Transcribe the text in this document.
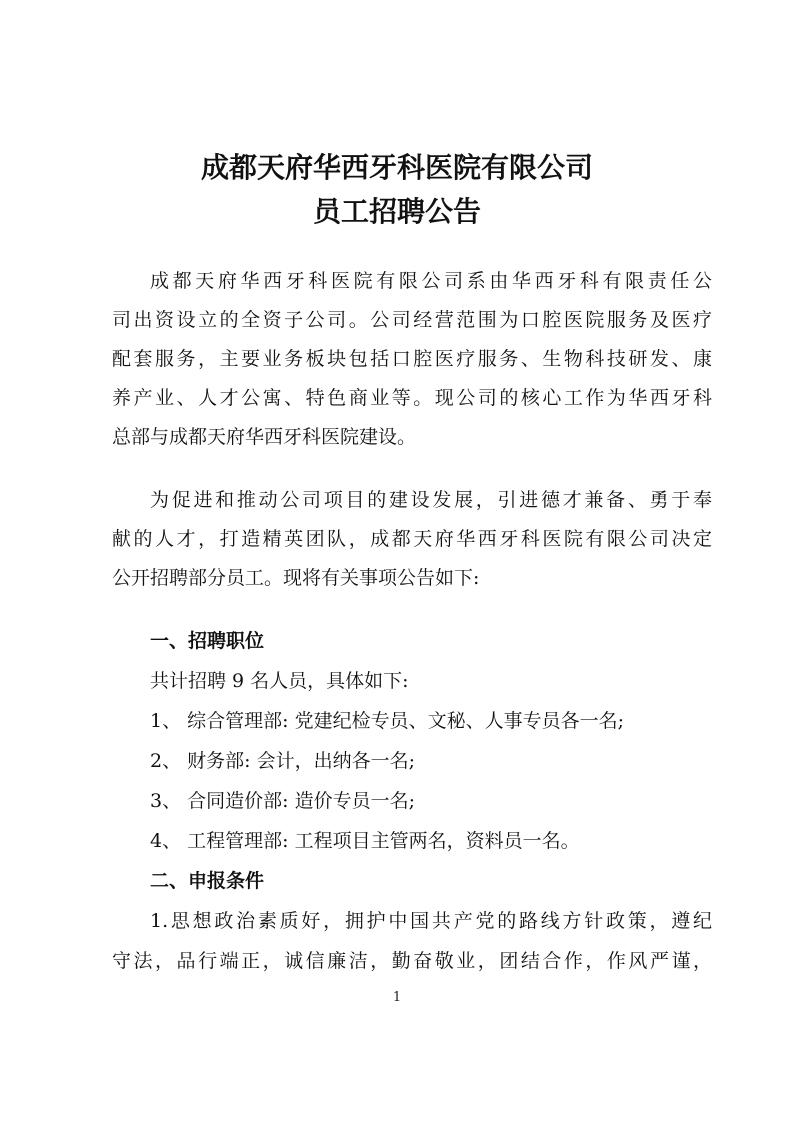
成都天府华西牙科医院有限公司
员工招聘公告
成都天府华西牙科医院有限公司系由华西牙科有限责任公
司出资设立的全资子公司。公司经营范围为口腔医院服务及医疗
配套服务，主要业务板块包括口腔医疗服务、生物科技研发、康
养产业、人才公寓、特色商业等。现公司的核心工作为华西牙科
总部与成都天府华西牙科医院建设。
为促进和推动公司项目的建设发展，引进德才兼备、勇于奉
献的人才，打造精英团队，成都天府华西牙科医院有限公司决定
公开招聘部分员工。现将有关事项公告如下:
一、招聘职位
共计招聘 9 名人员，具体如下:
1、 综合管理部: 党建纪检专员、文秘、人事专员各一名;
2、 财务部: 会计，出纳各一名;
3、 合同造价部: 造价专员一名;
4、 工程管理部: 工程项目主管两名，资料员一名。
二、申报条件
1.思想政治素质好，拥护中国共产党的路线方针政策，遵纪
守法，品行端正，诚信廉洁，勤奋敬业，团结合作，作风严谨，
1
